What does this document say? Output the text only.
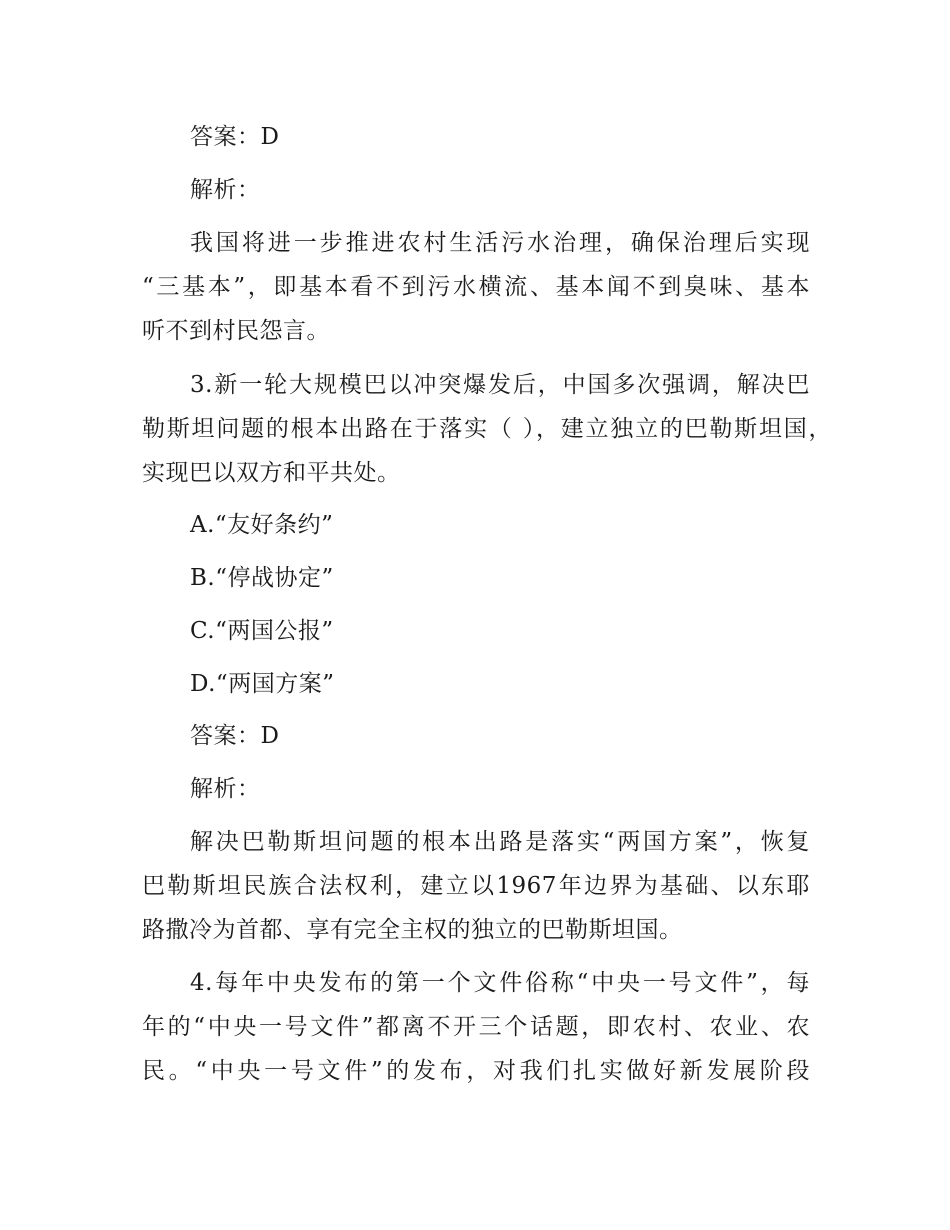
答案：D
解析：
我国将进一步推进农村生活污水治理，确保治理后实现
“三基本”，即基本看不到污水横流、基本闻不到臭味、基本
听不到村民怨言。
3.新一轮大规模巴以冲突爆发后，中国多次强调，解决巴
勒斯坦问题的根本出路在于落实（ ），建立独立的巴勒斯坦国，
实现巴以双方和平共处。
A.“友好条约”
B.“停战协定”
C.“两国公报”
D.“两国方案”
答案：D
解析：
解决巴勒斯坦问题的根本出路是落实“两国方案”，恢复
巴勒斯坦民族合法权利，建立以1967年边界为基础、以东耶
路撒冷为首都、享有完全主权的独立的巴勒斯坦国。
4.每年中央发布的第一个文件俗称“中央一号文件”，每
年的“中央一号文件”都离不开三个话题，即农村、农业、农
民。“中央一号文件”的发布，对我们扎实做好新发展阶段
